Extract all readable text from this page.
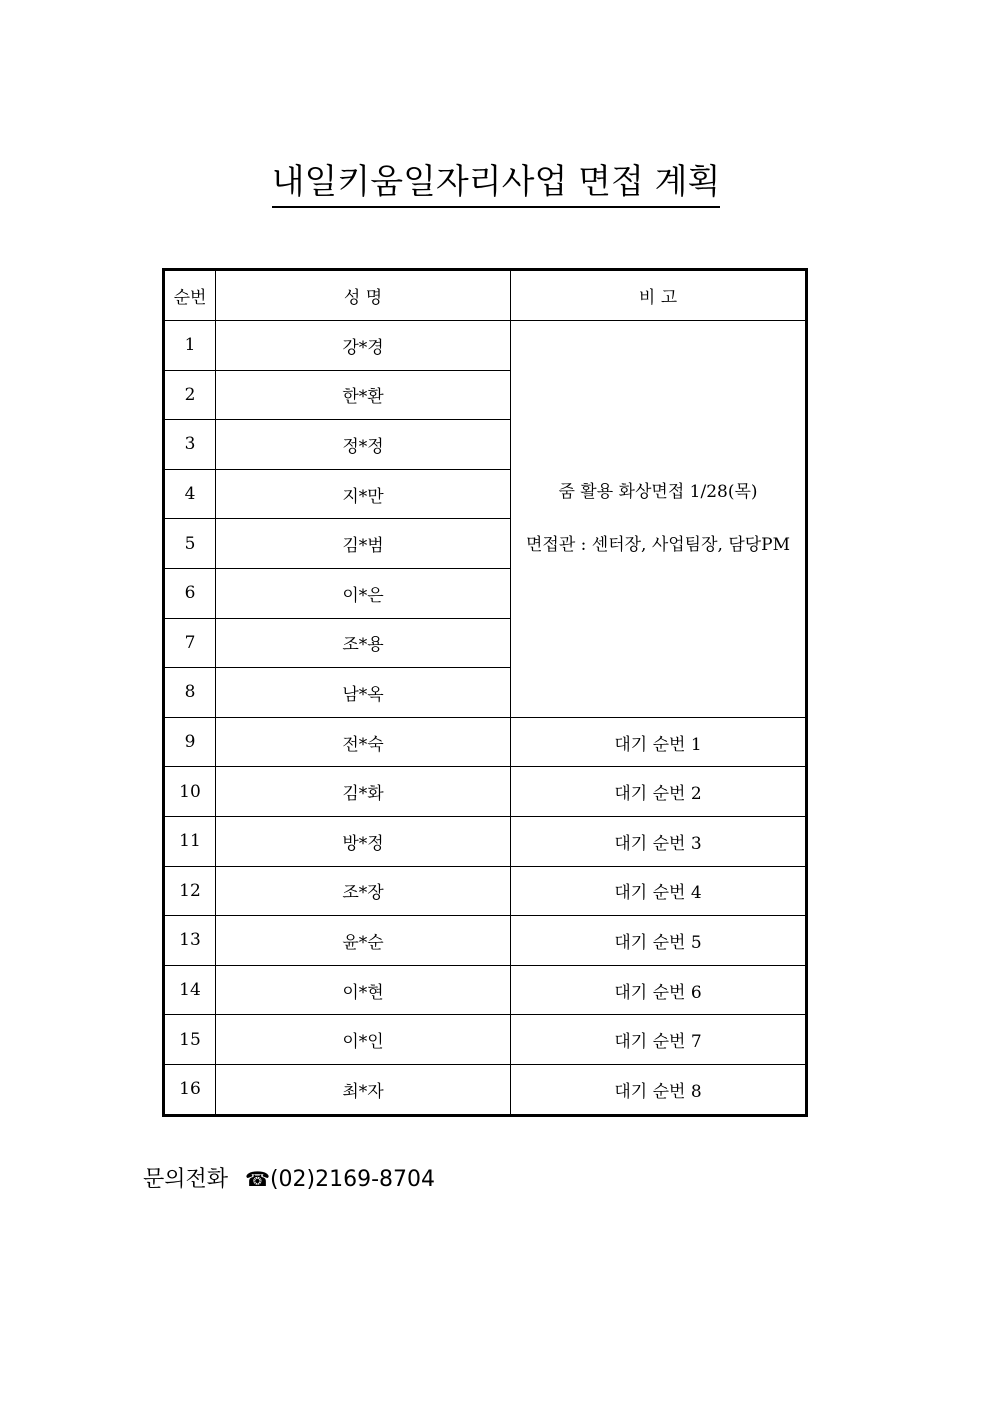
내일키움일자리사업 면접 계획
순번	성 명	비 고
1	강*경	줌 활용 화상면접 1/28(목)
면접관 : 센터장, 사업팀장, 담당PM

2	한*환	
3	정*정	
4	지*만	
5	김*범	
6	이*은	
7	조*용	
8	남*옥	
9	전*숙	대기 순번 1
10	김*화	대기 순번 2
11	방*정	대기 순번 3
12	조*장	대기 순번 4
13	윤*순	대기 순번 5
14	이*현	대기 순번 6
15	이*인	대기 순번 7
16	최*자	대기 순번 8
문의전화 ☎(02)2169-8704
